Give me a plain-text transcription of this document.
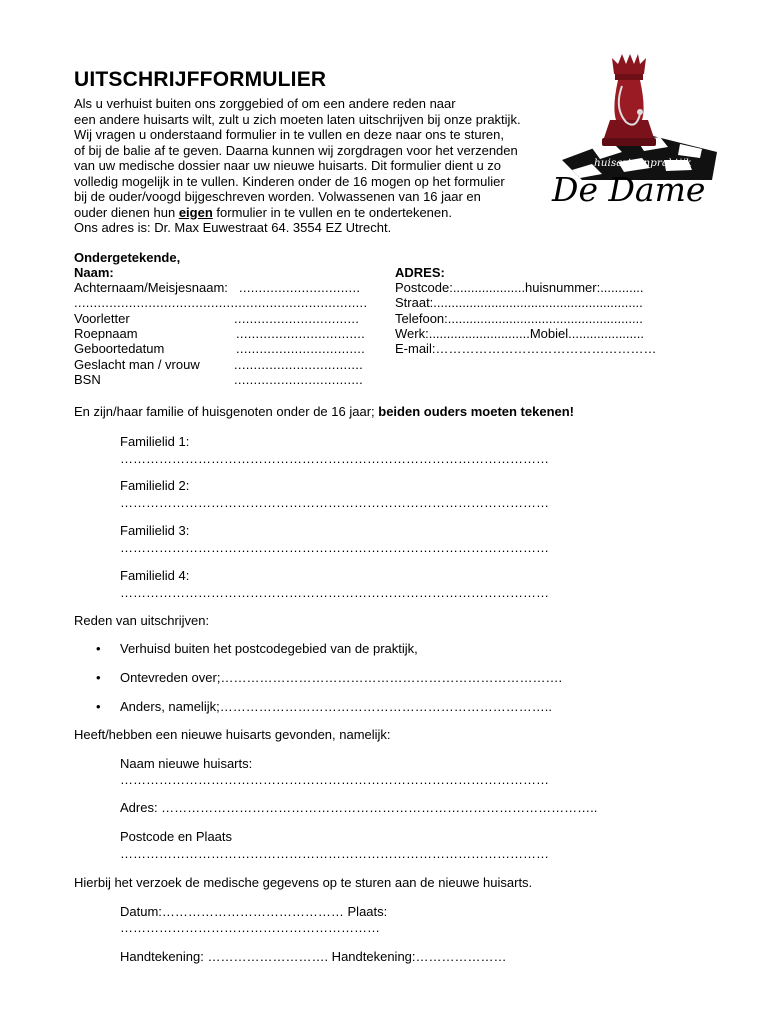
UITSCHRIJFFORMULIER
huisartsenpraktijk
De Dame
Als u verhuist buiten ons zorggebied of om een andere reden naar
een andere huisarts wilt, zult u zich moeten laten uitschrijven bij onze praktijk.
Wij vragen u onderstaand formulier in te vullen en deze naar ons te sturen,
of bij de balie af te geven. Daarna kunnen wij zorgdragen voor het verzenden
van uw medische dossier naar uw nieuwe huisarts. Dit formulier dient u zo
volledig mogelijk in te vullen. Kinderen onder de 16 mogen op het formulier
bij de ouder/voogd bijgeschreven worden. Volwassenen van 16 jaar en
ouder dienen hun eigen formulier in te vullen en te ondertekenen.
Ons adres is: Dr. Max Euwestraat 64. 3554 EZ Utrecht.
Ondergetekende,
Naam:
Achternaam/Meisjesnaam: ...............................
...........................................................................
Voorletter	................................
Roepnaam	.................................
Geboortedatum	.................................
Geslacht man / vrouw	.................................
BSN	.................................
ADRES:
Postcode:....................huisnummer:............
Straat:..........................................................
Telefoon:......................................................
Werk:............................Mobiel.....................
E-mail:……………………………………………
En zijn/haar familie of huisgenoten onder de 16 jaar; beiden ouders moeten tekenen!
Familielid 1:
………………………………………………………………………………………
Familielid 2:
………………………………………………………………………………………
Familielid 3:
………………………………………………………………………………………
Familielid 4:
………………………………………………………………………………………
Reden van uitschrijven:
• Verhuisd buiten het postcodegebied van de praktijk,
• Ontevreden over;…………………………………………………………………….
• Anders, namelijk;…………………………………………………………………..
Heeft/hebben een nieuwe huisarts gevonden, namelijk:
Naam nieuwe huisarts:
………………………………………………………………………………………
Adres: ………………………………………………………………………………………..
Postcode en Plaats
………………………………………………………………………………………
Hierbij het verzoek de medische gegevens op te sturen aan de nieuwe huisarts.
Datum:…………………………………… Plaats:
……………………………………………………
Handtekening: ………………………. Handtekening:…………………
